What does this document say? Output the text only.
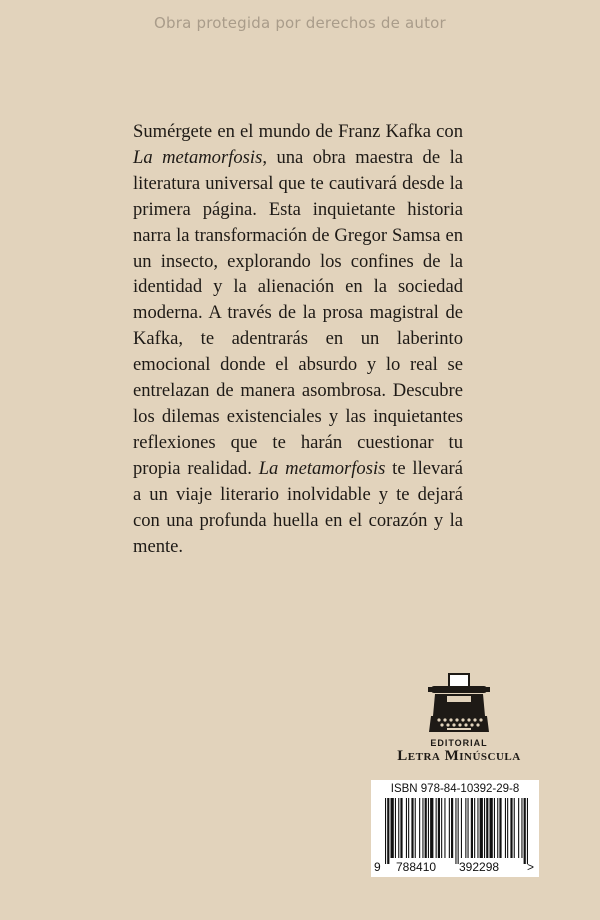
Obra protegida por derechos de autor

Sumérgete en el mundo de Franz Kafka con La metamorfosis, una obra maestra de la literatura universal que te cautivará desde la primera página. Esta inquietante historia narra la transformación de Gregor Samsa en un insecto, explorando los confines de la identidad y la alienación en la sociedad moderna. A través de la prosa magistral de Kafka, te adentrarás en un laberinto emocional donde el absurdo y lo real se entrelazan de manera asombrosa. Descubre los dilemas existenciales y las inquietantes reflexiones que te harán cuestionar tu propia realidad. La metamorfosis te llevará a un viaje literario inolvidable y te dejará con una profunda huella en el corazón y la mente.

EDITORIAL
Letra Minúscula
ISBN 978-84-10392-29-8
9 788410 392298 >
